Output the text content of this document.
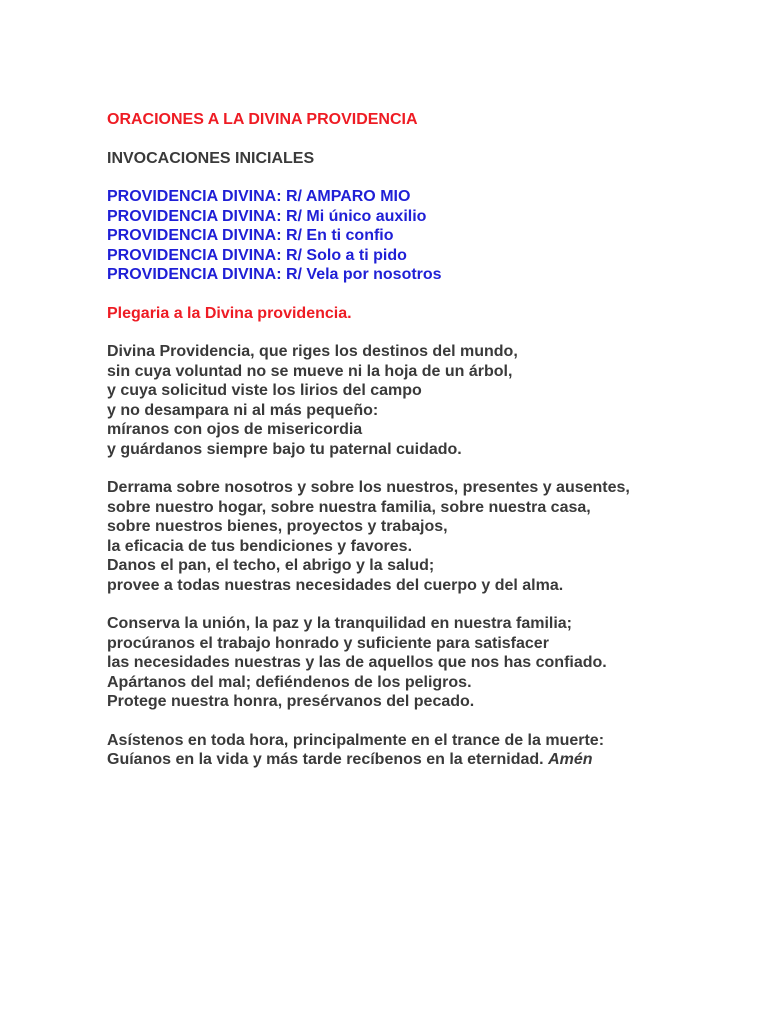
ORACIONES A LA DIVINA PROVIDENCIA

INVOCACIONES INICIALES

PROVIDENCIA DIVINA: R/ AMPARO MIO

PROVIDENCIA DIVINA: R/ Mi único auxilio

PROVIDENCIA DIVINA: R/ En ti confio

PROVIDENCIA DIVINA: R/ Solo a ti pido

PROVIDENCIA DIVINA: R/ Vela por nosotros

Plegaria a la Divina providencia.

Divina Providencia, que riges los destinos del mundo,

sin cuya voluntad no se mueve ni la hoja de un árbol,

y cuya solicitud viste los lirios del campo

y no desampara ni al más pequeño:

míranos con ojos de misericordia

y guárdanos siempre bajo tu paternal cuidado.

Derrama sobre nosotros y sobre los nuestros, presentes y ausentes,

sobre nuestro hogar, sobre nuestra familia, sobre nuestra casa,

sobre nuestros bienes, proyectos y trabajos,

la eficacia de tus bendiciones y favores.

Danos el pan, el techo, el abrigo y la salud;

provee a todas nuestras necesidades del cuerpo y del alma.

Conserva la unión, la paz y la tranquilidad en nuestra familia;

procúranos el trabajo honrado y suficiente para satisfacer

las necesidades nuestras y las de aquellos que nos has confiado.

Apártanos del mal; defiéndenos de los peligros.

Protege nuestra honra, presérvanos del pecado.

Asístenos en toda hora, principalmente en el trance de la muerte:

Guíanos en la vida y más tarde recíbenos en la eternidad. Amén
